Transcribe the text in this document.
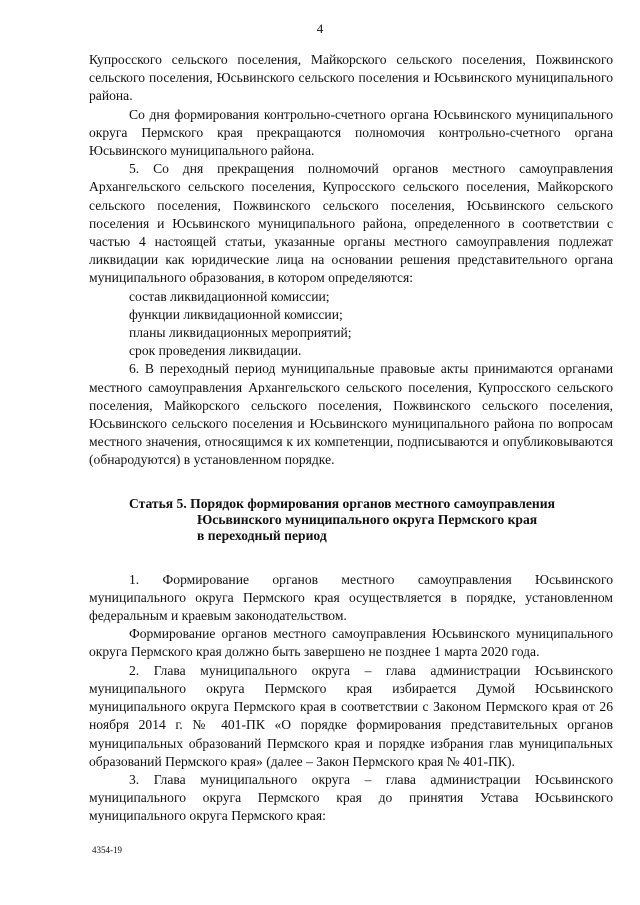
4

Купросского сельского поселения, Майкорского сельского поселения, Пожвинского сельского поселения, Юсьвинского сельского поселения и Юсьвинского муниципального района.

Со дня формирования контрольно-счетного органа Юсьвинского муниципального округа Пермского края прекращаются полномочия контрольно-счетного органа Юсьвинского муниципального района.

5. Со дня прекращения полномочий органов местного самоуправления Архангельского сельского поселения, Купросского сельского поселения, Майкорского сельского поселения, Пожвинского сельского поселения, Юсьвинского сельского поселения и Юсьвинского муниципального района, определенного в соответствии с частью 4 настоящей статьи, указанные органы местного самоуправления подлежат ликвидации как юридические лица на основании решения представительного органа муниципального образования, в котором определяются:

состав ликвидационной комиссии;

функции ликвидационной комиссии;

планы ликвидационных мероприятий;

срок проведения ликвидации.

6. В переходный период муниципальные правовые акты принимаются органами местного самоуправления Архангельского сельского поселения, Купросского сельского поселения, Майкорского сельского поселения, Пожвинского сельского поселения, Юсьвинского сельского поселения и Юсьвинского муниципального района по вопросам местного значения, относящимся к их компетенции, подписываются и опубликовываются (обнародуются) в установленном порядке.

Статья 5. Порядок формирования органов местного самоуправления
Юсьвинского муниципального округа Пермского края
в переходный период

1. Формирование органов местного самоуправления Юсьвинского муниципального округа Пермского края осуществляется в порядке, установленном федеральным и краевым законодательством.

Формирование органов местного самоуправления Юсьвинского муниципального округа Пермского края должно быть завершено не позднее 1 марта 2020 года.

2. Глава муниципального округа – глава администрации Юсьвинского муниципального округа Пермского края избирается Думой Юсьвинского муниципального округа Пермского края в соответствии с Законом Пермского края от 26 ноября 2014 г. № 401-ПК «О порядке формирования представительных органов муниципальных образований Пермского края и порядке избрания глав муниципальных образований Пермского края» (далее – Закон Пермского края № 401-ПК).

3. Глава муниципального округа – глава администрации Юсьвинского муниципального округа Пермского края до принятия Устава Юсьвинского муниципального округа Пермского края:

4354-19
